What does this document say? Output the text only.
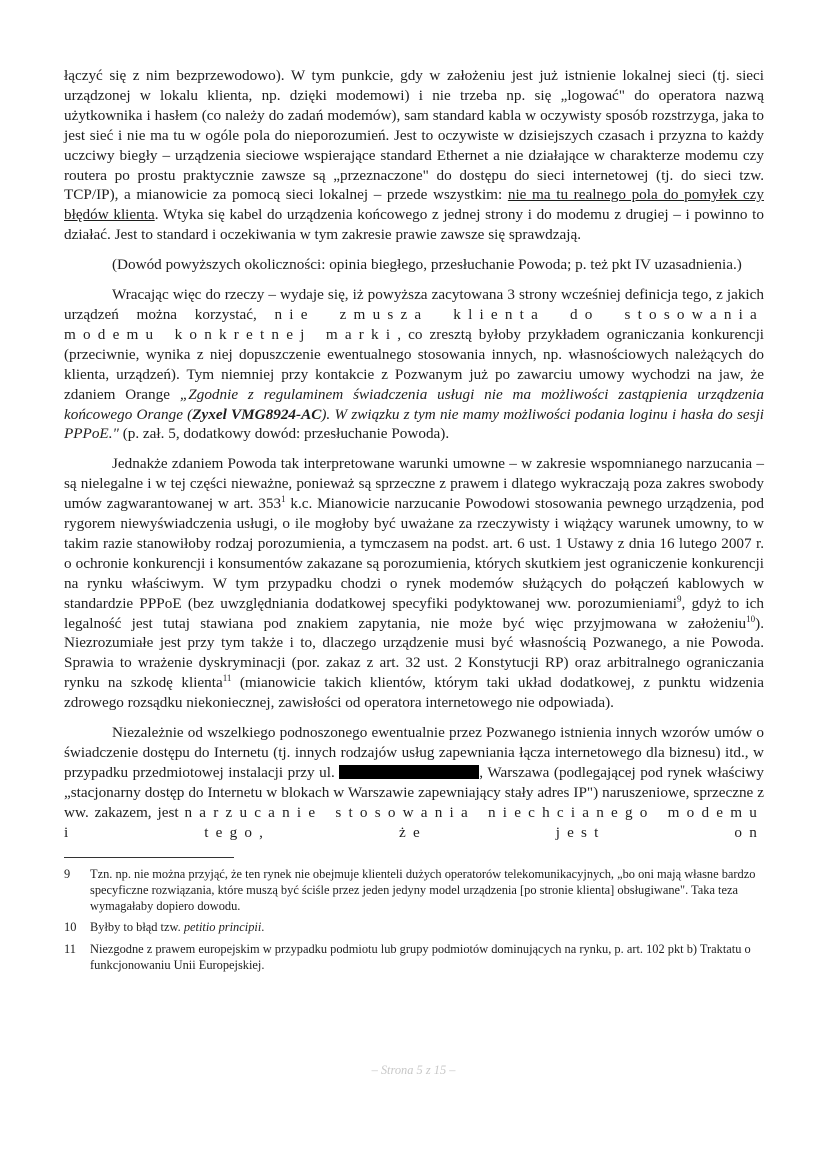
łączyć się z nim bezprzewodowo). W tym punkcie, gdy w założeniu jest już istnienie lokalnej sieci (tj. sieci urządzonej w lokalu klienta, np. dzięki modemowi) i nie trzeba np. się „logować" do operatora nazwą użytkownika i hasłem (co należy do zadań modemów), sam standard kabla w oczywisty sposób rozstrzyga, jaka to jest sieć i nie ma tu w ogóle pola do nieporozumień. Jest to oczywiste w dzisiejszych czasach i przyzna to każdy uczciwy biegły – urządzenia sieciowe wspierające standard Ethernet a nie działające w charakterze modemu czy routera po prostu praktycznie zawsze są „przeznaczone" do dostępu do sieci internetowej (tj. do sieci tzw. TCP/IP), a mianowicie za pomocą sieci lokalnej – przede wszystkim: nie ma tu realnego pola do pomyłek czy błędów klienta. Wtyka się kabel do urządzenia końcowego z jednej strony i do modemu z drugiej – i powinno to działać. Jest to standard i oczekiwania w tym zakresie prawie zawsze się sprawdzają.

(Dowód powyższych okoliczności: opinia biegłego, przesłuchanie Powoda; p. też pkt IV uzasadnienia.)

Wracając więc do rzeczy – wydaje się, iż powyższa zacytowana 3 strony wcześniej definicja tego, z jakich urządzeń można korzystać, nie zmusza klienta do stosowania modemu konkretnej marki, co zresztą byłoby przykładem ograniczania konkurencji (przeciwnie, wynika z niej dopuszczenie ewentualnego stosowania innych, np. własnościowych należących do klienta, urządzeń). Tym niemniej przy kontakcie z Pozwanym już po zawarciu umowy wychodzi na jaw, że zdaniem Orange „Zgodnie z regulaminem świadczenia usługi nie ma możliwości zastąpienia urządzenia końcowego Orange (Zyxel VMG8924-AC). W związku z tym nie mamy możliwości podania loginu i hasła do sesji PPPoE." (p. zał. 5, dodatkowy dowód: przesłuchanie Powoda).

Jednakże zdaniem Powoda tak interpretowane warunki umowne – w zakresie wspomnianego narzucania – są nielegalne i w tej części nieważne, ponieważ są sprzeczne z prawem i dlatego wykraczają poza zakres swobody umów zagwarantowanej w art. $353^1$ k.c. Mianowicie narzucanie Powodowi stosowania pewnego urządzenia, pod rygorem niewyświadczenia usługi, o ile mogłoby być uważane za rzeczywisty i wiążący warunek umowny, to w takim razie stanowiłoby rodzaj porozumienia, a tymczasem na podst. art. 6 ust. 1 Ustawy z dnia 16 lutego 2007 r. o ochronie konkurencji i konsumentów zakazane są porozumienia, których skutkiem jest ograniczenie konkurencji na rynku właściwym. W tym przypadku chodzi o rynek modemów służących do połączeń kablowych w standardzie PPPoE (bez uwzględniania dodatkowej specyfiki podyktowanej ww. porozumieniami$^9$, gdyż to ich legalność jest tutaj stawiana pod znakiem zapytania, nie może być więc przyjmowana w założeniu$^{10}$). Niezrozumiałe jest przy tym także i to, dlaczego urządzenie musi być własnością Pozwanego, a nie Powoda. Sprawia to wrażenie dyskryminacji (por. zakaz z art. 32 ust. 2 Konstytucji RP) oraz arbitralnego ograniczania rynku na szkodę klienta$^{11}$ (mianowicie takich klientów, którym taki układ dodatkowej, z punktu widzenia zdrowego rozsądku niekoniecznej, zawisłości od operatora internetowego nie odpowiada).

Niezależnie od wszelkiego podnoszonego ewentualnie przez Pozwanego istnienia innych wzorów umów o świadczenie dostępu do Internetu (tj. innych rodzajów usług zapewniania łącza internetowego dla biznesu) itd., w przypadku przedmiotowej instalacji przy ul.	, Warszawa (podlegającej pod rynek właściwy „stacjonarny dostęp do Internetu w blokach w Warszawie zapewniający stały adres IP") naruszeniowe, sprzeczne z ww. zakazem, jest narzucanie stosowania niechcianego modemu i tego, że jest on

9	Tzn. np. nie można przyjąć, że ten rynek nie obejmuje klienteli dużych operatorów telekomunikacyjnych, „bo oni mają własne bardzo specyficzne rozwiązania, które muszą być ściśle przez jeden jedyny model urządzenia [po stronie klienta] obsługiwane". Taka teza wymagałaby dopiero dowodu.
10	Byłby to błąd tzw. petitio principii.
11	Niezgodne z prawem europejskim w przypadku podmiotu lub grupy podmiotów dominujących na rynku, p. art. 102 pkt b) Traktatu o funkcjonowaniu Unii Europejskiej.
– Strona 5 z 15 –
